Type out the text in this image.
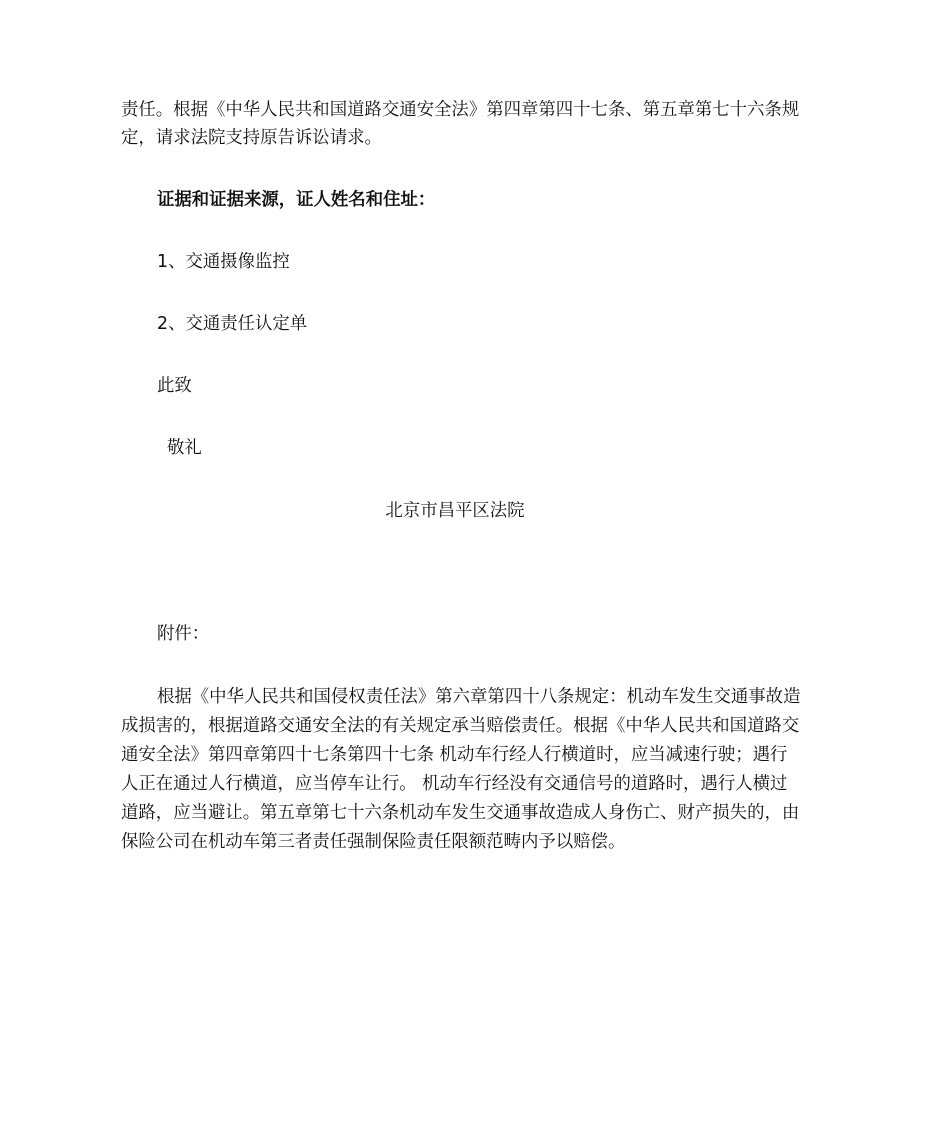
责任。根据《中华人民共和国道路交通安全法》第四章第四十七条、第五章第七十六条规
定，请求法院支持原告诉讼请求。
证据和证据来源，证人姓名和住址：
1、交通摄像监控
2、交通责任认定单
此致
敬礼
北京市昌平区法院
附件：
根据《中华人民共和国侵权责任法》第六章第四十八条规定：机动车发生交通事故造
成损害的，根据道路交通安全法的有关规定承当赔偿责任。根据《中华人民共和国道路交
通安全法》第四章第四十七条第四十七条 机动车行经人行横道时，应当减速行驶；遇行
人正在通过人行横道，应当停车让行。 机动车行经没有交通信号的道路时，遇行人横过
道路，应当避让。第五章第七十六条机动车发生交通事故造成人身伤亡、财产损失的，由
保险公司在机动车第三者责任强制保险责任限额范畴内予以赔偿。
